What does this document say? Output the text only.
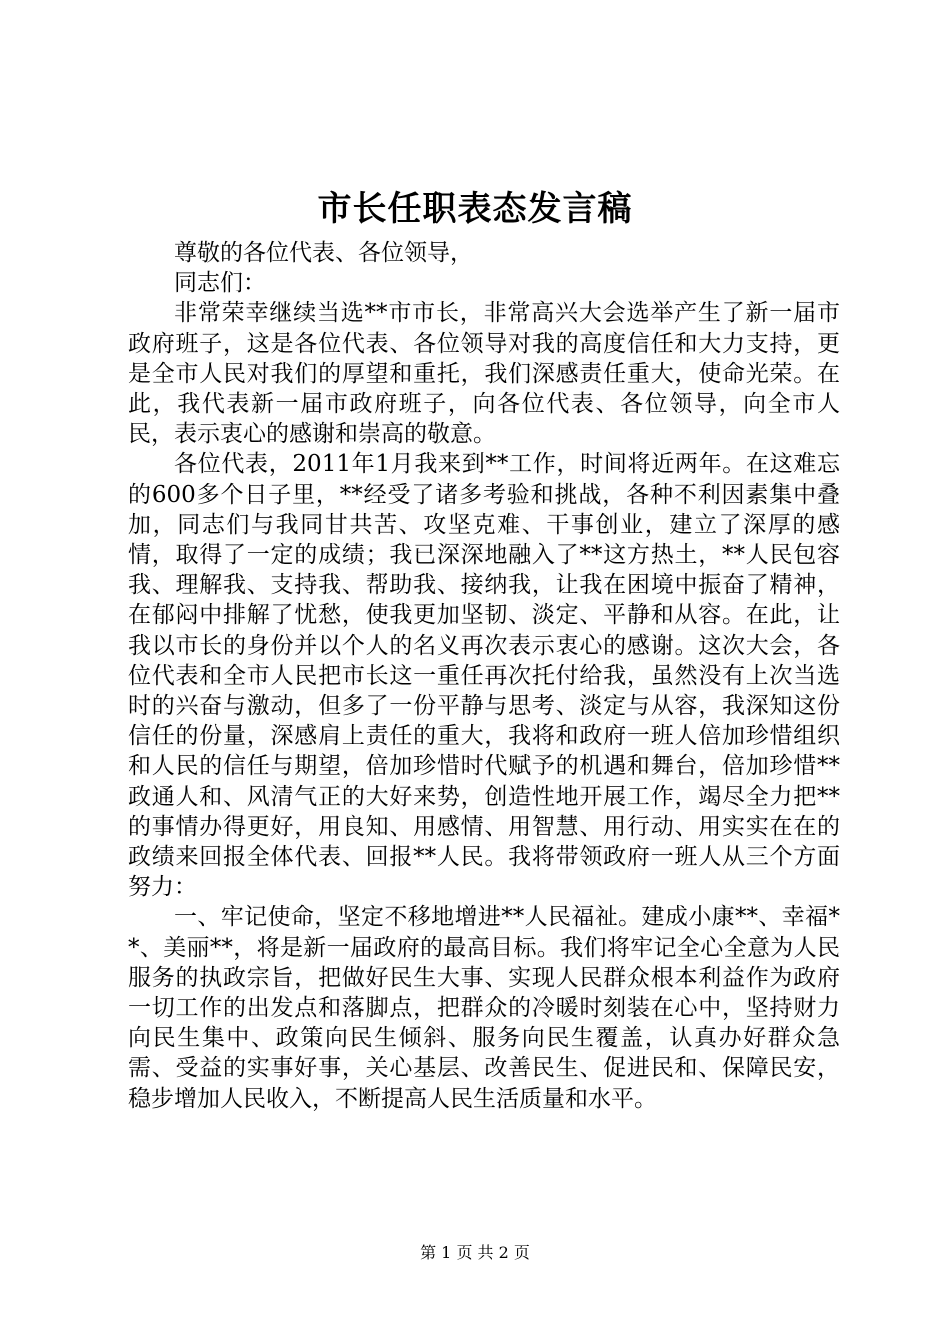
市长任职表态发言稿

尊敬的各位代表、各位领导，

同志们：

非常荣幸继续当选**市市长，非常高兴大会选举产生了新一届市政府班子，这是各位代表、各位领导对我的高度信任和大力支持，更是全市人民对我们的厚望和重托，我们深感责任重大，使命光荣。在此，我代表新一届市政府班子，向各位代表、各位领导，向全市人民，表示衷心的感谢和崇高的敬意。

各位代表，2011年1月我来到**工作，时间将近两年。在这难忘的600多个日子里，**经受了诸多考验和挑战，各种不利因素集中叠加，同志们与我同甘共苦、攻坚克难、干事创业，建立了深厚的感情，取得了一定的成绩；我已深深地融入了**这方热土，**人民包容我、理解我、支持我、帮助我、接纳我，让我在困境中振奋了精神，在郁闷中排解了忧愁，使我更加坚韧、淡定、平静和从容。在此，让我以市长的身份并以个人的名义再次表示衷心的感谢。这次大会，各位代表和全市人民把市长这一重任再次托付给我，虽然没有上次当选时的兴奋与激动，但多了一份平静与思考、淡定与从容，我深知这份信任的份量，深感肩上责任的重大，我将和政府一班人倍加珍惜组织和人民的信任与期望，倍加珍惜时代赋予的机遇和舞台，倍加珍惜**政通人和、风清气正的大好来势，创造性地开展工作，竭尽全力把**的事情办得更好，用良知、用感情、用智慧、用行动、用实实在在的政绩来回报全体代表、回报**人民。我将带领政府一班人从三个方面努力：

一、牢记使命，坚定不移地增进**人民福祉。建成小康**、幸福**、美丽**，将是新一届政府的最高目标。我们将牢记全心全意为人民服务的执政宗旨，把做好民生大事、实现人民群众根本利益作为政府一切工作的出发点和落脚点，把群众的冷暖时刻装在心中，坚持财力向民生集中、政策向民生倾斜、服务向民生覆盖，认真办好群众急需、受益的实事好事，关心基层、改善民生、促进民和、保障民安，稳步增加人民收入，不断提高人民生活质量和水平。

第 1 页 共 2 页
